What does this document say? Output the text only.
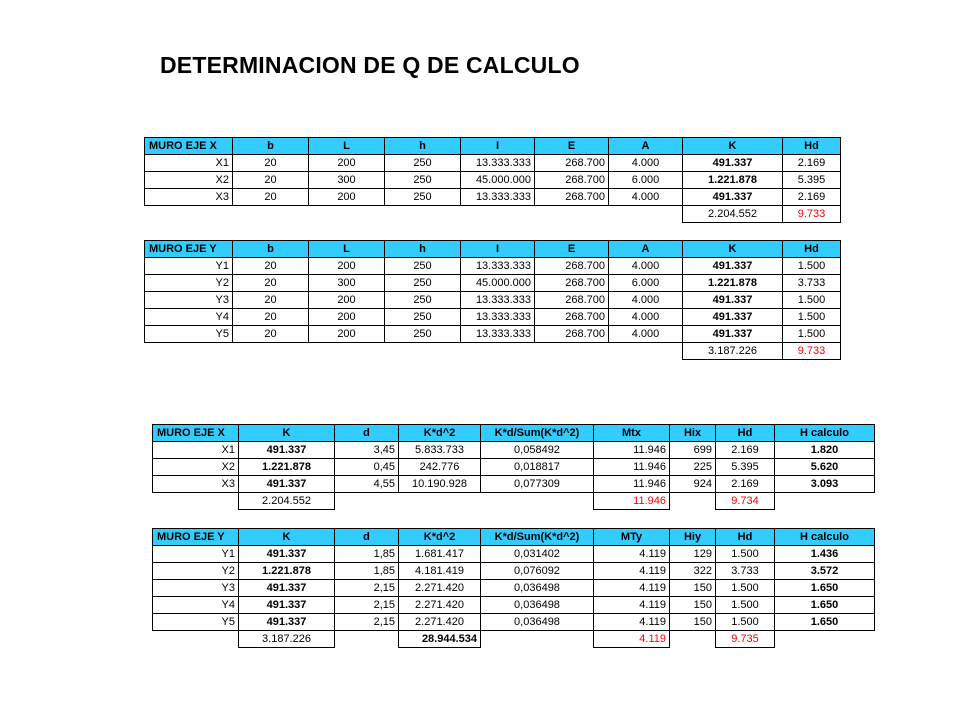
DETERMINACION DE Q DE CALCULO
MURO EJE X	b	L	h	I	E	A	K	Hd
X1	20	200	250	13.333.333	268.700	4.000	491.337	2.169
X2	20	300	250	45.000.000	268.700	6.000	1.221.878	5.395
X3	20	200	250	13.333.333	268.700	4.000	491.337	2.169
							2.204.552	9.733
MURO EJE Y	b	L	h	I	E	A	K	Hd
Y1	20	200	250	13.333.333	268.700	4.000	491.337	1.500
Y2	20	300	250	45.000.000	268.700	6.000	1.221.878	3.733
Y3	20	200	250	13.333.333	268.700	4.000	491.337	1.500
Y4	20	200	250	13.333.333	268.700	4.000	491.337	1.500
Y5	20	200	250	13.333.333	268.700	4.000	491.337	1.500
							3.187.226	9.733
MURO EJE X	K	d	K*d^2	K*d/Sum(K*d^2)	Mtx	Hix	Hd	H calculo
X1	491.337	3,45	5.833.733	0,058492	11.946	699	2.169	1.820
X2	1.221.878	0,45	242.776	0,018817	11.946	225	5.395	5.620
X3	491.337	4,55	10.190.928	0,077309	11.946	924	2.169	3.093
	2.204.552				11.946		9.734	
MURO EJE Y	K	d	K*d^2	K*d/Sum(K*d^2)	MTy	Hiy	Hd	H calculo
Y1	491.337	1,85	1.681.417	0,031402	4.119	129	1.500	1.436
Y2	1.221.878	1,85	4.181.419	0,076092	4.119	322	3.733	3.572
Y3	491.337	2,15	2.271.420	0,036498	4.119	150	1.500	1.650
Y4	491.337	2,15	2.271.420	0,036498	4.119	150	1.500	1.650
Y5	491.337	2,15	2.271.420	0,036498	4.119	150	1.500	1.650
	3.187.226		28.944.534		4.119		9.735	
